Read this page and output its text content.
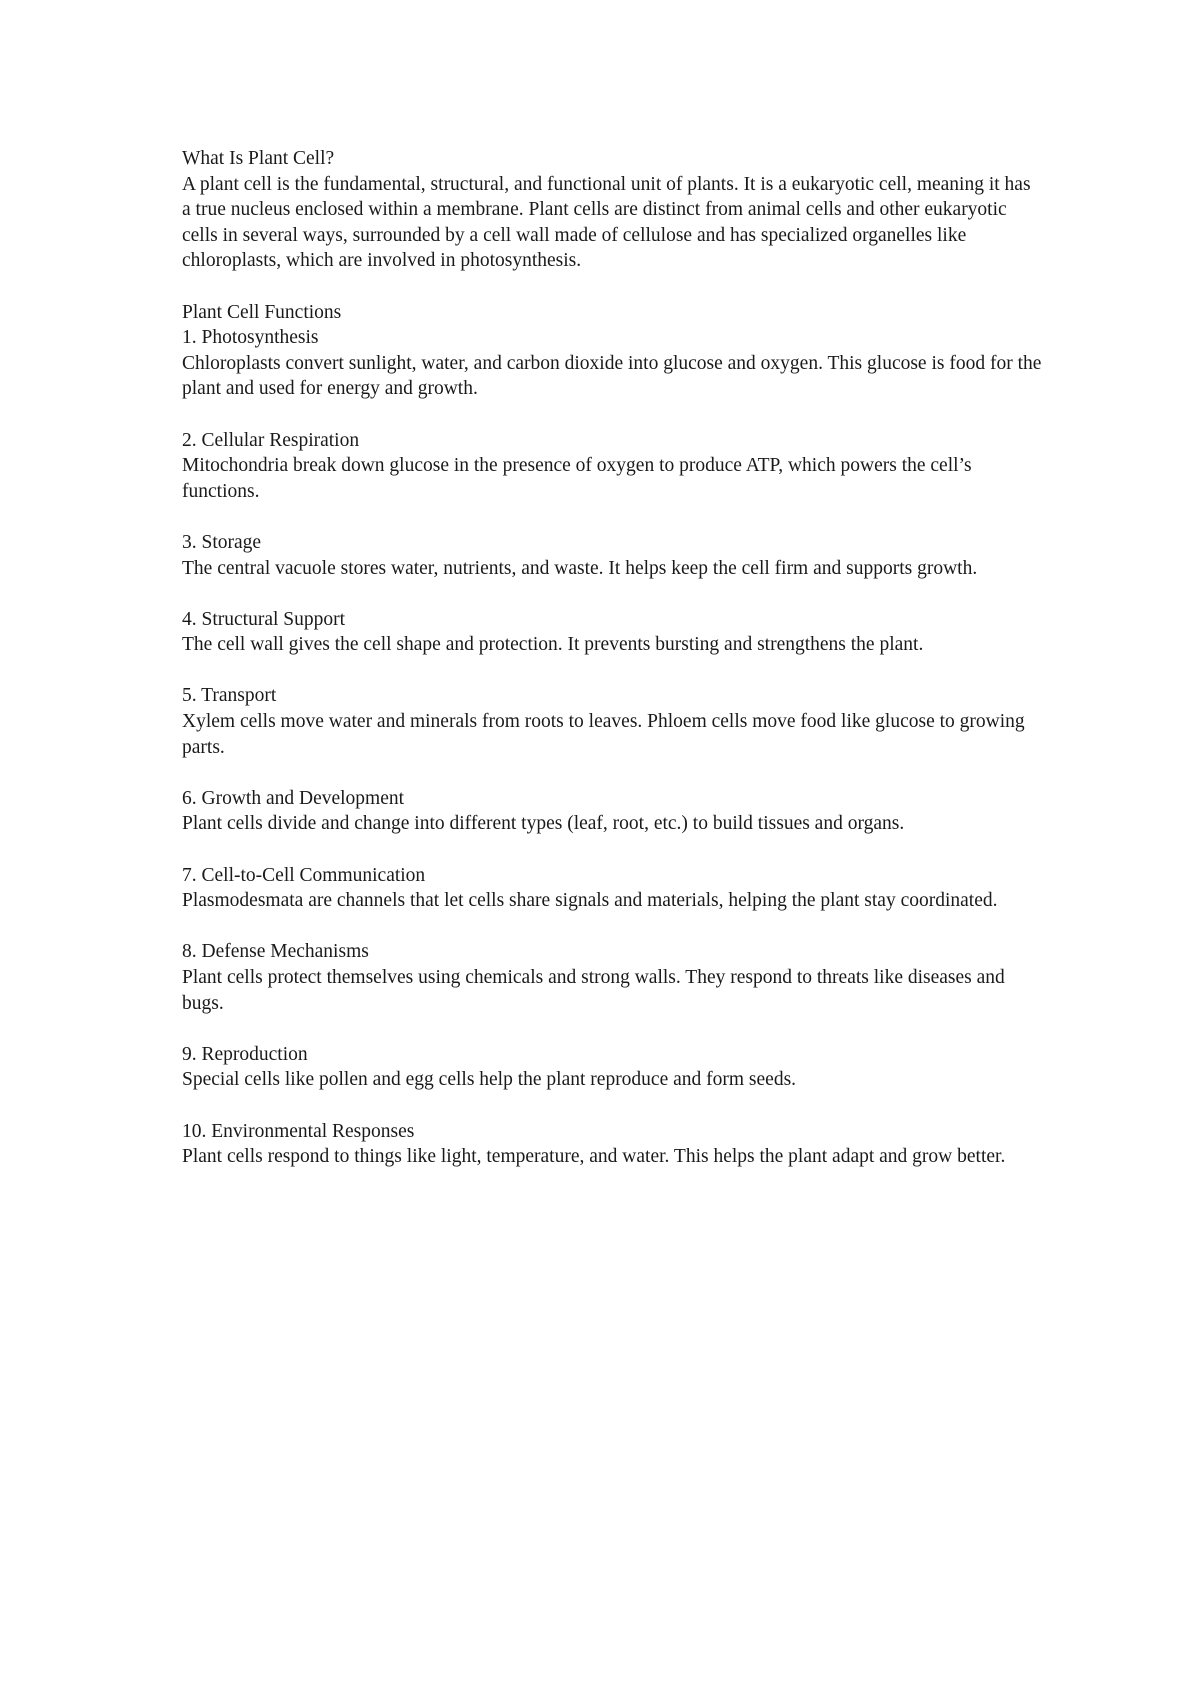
What Is Plant Cell?

A plant cell is the fundamental, structural, and functional unit of plants. It is a eukaryotic cell, meaning it has a true nucleus enclosed within a membrane. Plant cells are distinct from animal cells and other eukaryotic cells in several ways, surrounded by a cell wall made of cellulose and has specialized organelles like chloroplasts, which are involved in photosynthesis.

Plant Cell Functions

1. Photosynthesis

Chloroplasts convert sunlight, water, and carbon dioxide into glucose and oxygen. This glucose is food for the plant and used for energy and growth.

2. Cellular Respiration

Mitochondria break down glucose in the presence of oxygen to produce ATP, which powers the cell’s functions.

3. Storage

The central vacuole stores water, nutrients, and waste. It helps keep the cell firm and supports growth.

4. Structural Support

The cell wall gives the cell shape and protection. It prevents bursting and strengthens the plant.

5. Transport

Xylem cells move water and minerals from roots to leaves. Phloem cells move food like glucose to growing parts.

6. Growth and Development

Plant cells divide and change into different types (leaf, root, etc.) to build tissues and organs.

7. Cell-to-Cell Communication

Plasmodesmata are channels that let cells share signals and materials, helping the plant stay coordinated.

8. Defense Mechanisms

Plant cells protect themselves using chemicals and strong walls. They respond to threats like diseases and bugs.

9. Reproduction

Special cells like pollen and egg cells help the plant reproduce and form seeds.

10. Environmental Responses

Plant cells respond to things like light, temperature, and water. This helps the plant adapt and grow better.
